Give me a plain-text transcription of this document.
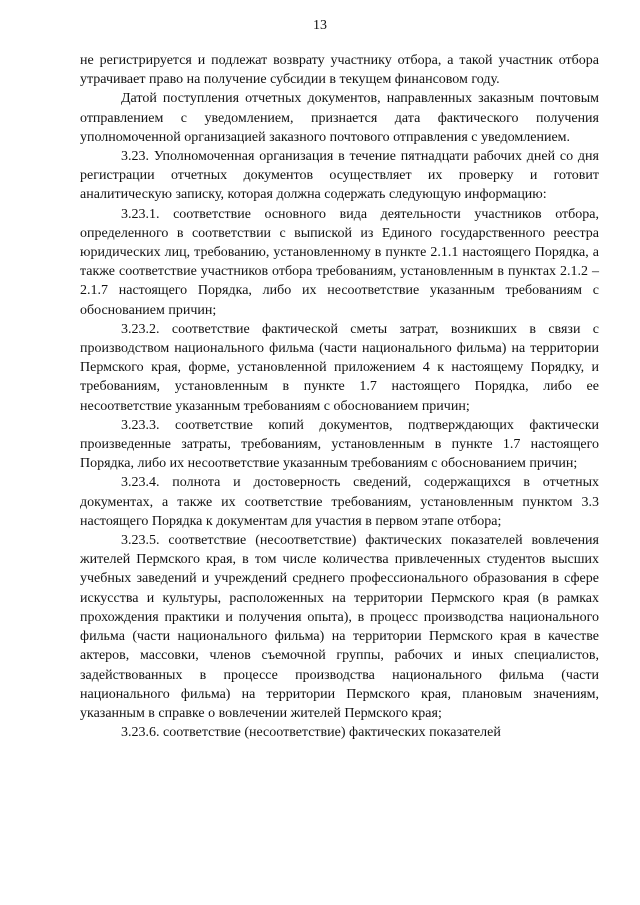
13

не регистрируется и подлежат возврату участнику отбора, а такой участник отбора утрачивает право на получение субсидии в текущем финансовом году.

Датой поступления отчетных документов, направленных заказным почтовым отправлением с уведомлением, признается дата фактического получения уполномоченной организацией заказного почтового отправления с уведомлением.

3.23. Уполномоченная организация в течение пятнадцати рабочих дней со дня регистрации отчетных документов осуществляет их проверку и готовит аналитическую записку, которая должна содержать следующую информацию:

3.23.1. соответствие основного вида деятельности участников отбора, определенного в соответствии с выпиской из Единого государственного реестра юридических лиц, требованию, установленному в пункте 2.1.1 настоящего Порядка, а также соответствие участников отбора требованиям, установленным в пунктах 2.1.2 – 2.1.7 настоящего Порядка, либо их несоответствие указанным требованиям с обоснованием причин;

3.23.2. соответствие фактической сметы затрат, возникших в связи с производством национального фильма (части национального фильма) на территории Пермского края, форме, установленной приложением 4 к настоящему Порядку, и требованиям, установленным в пункте 1.7 настоящего Порядка, либо ее несоответствие указанным требованиям с обоснованием причин;

3.23.3. соответствие копий документов, подтверждающих фактически произведенные затраты, требованиям, установленным в пункте 1.7 настоящего Порядка, либо их несоответствие указанным требованиям с обоснованием причин;

3.23.4. полнота и достоверность сведений, содержащихся в отчетных документах, а также их соответствие требованиям, установленным пунктом 3.3 настоящего Порядка к документам для участия в первом этапе отбора;

3.23.5. соответствие (несоответствие) фактических показателей вовлечения жителей Пермского края, в том числе количества привлеченных студентов высших учебных заведений и учреждений среднего профессионального образования в сфере искусства и культуры, расположенных на территории Пермского края (в рамках прохождения практики и получения опыта), в процесс производства национального фильма (части национального фильма) на территории Пермского края в качестве актеров, массовки, членов съемочной группы, рабочих и иных специалистов, задействованных в процессе производства национального фильма (части национального фильма) на территории Пермского края, плановым значениям, указанным в справке о вовлечении жителей Пермского края;

3.23.6. соответствие (несоответствие) фактических показателей
